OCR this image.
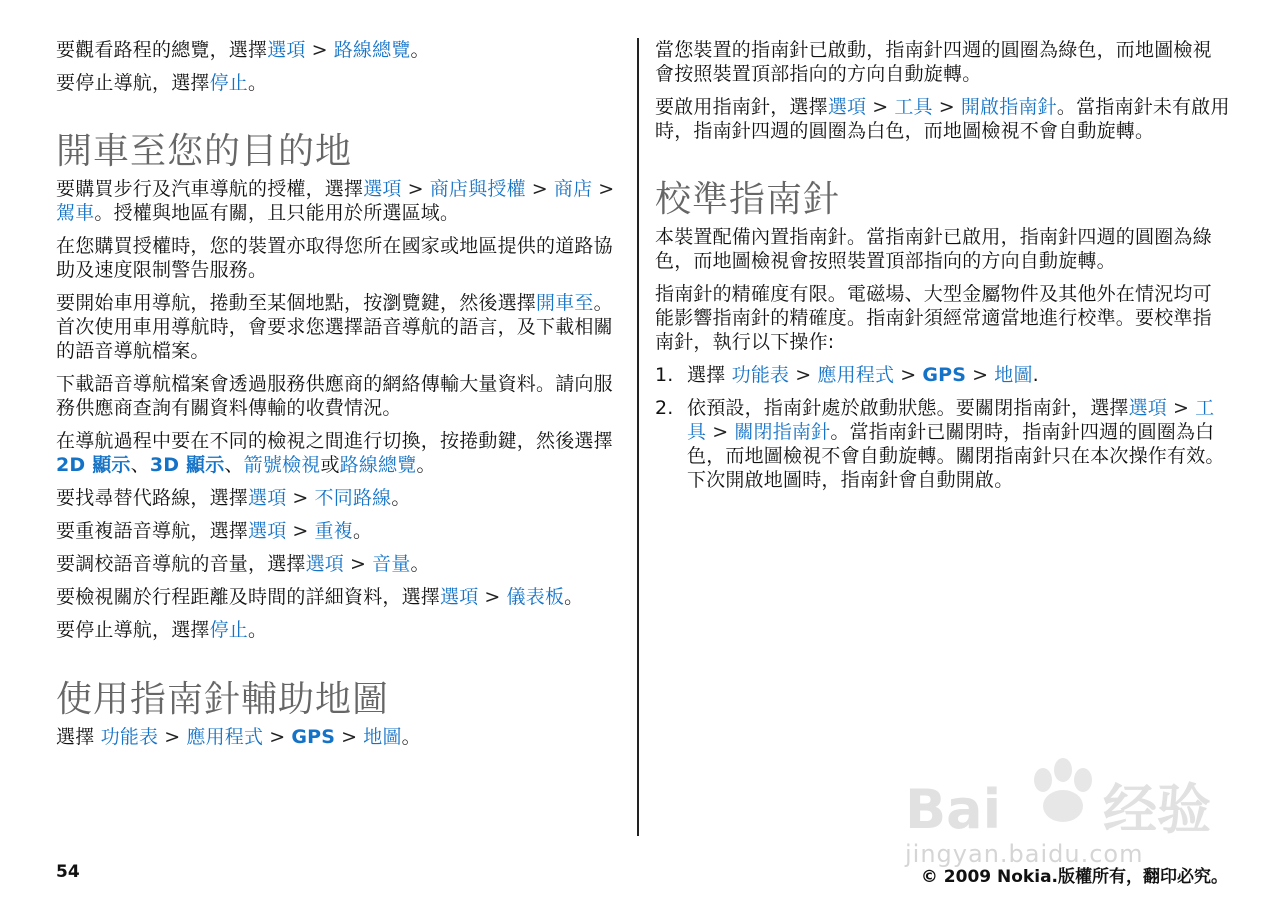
要觀看路程的總覽，選擇選項 > 路線總覽。

要停止導航，選擇停止。

開車至您的目的地

要購買步行及汽車導航的授權，選擇選項 > 商店與授權 > 商店 >駕車。授權與地區有關，且只能用於所選區域。

在您購買授權時，您的裝置亦取得您所在國家或地區提供的道路協助及速度限制警告服務。

要開始車用導航，捲動至某個地點，按瀏覽鍵，然後選擇開車至。 首次使用車用導航時，會要求您選擇語音導航的語言，及下載相關的語音導航檔案。

下載語音導航檔案會透過服務供應商的網絡傳輸大量資料。請向服務供應商查詢有關資料傳輸的收費情況。

在導航過程中要在不同的檢視之間進行切換，按捲動鍵，然後選擇2D 顯示、3D 顯示、箭號檢視或路線總覽。

要找尋替代路線，選擇選項 > 不同路線。

要重複語音導航，選擇選項 > 重複。

要調校語音導航的音量，選擇選項 > 音量。

要檢視關於行程距離及時間的詳細資料，選擇選項 > 儀表板。

要停止導航，選擇停止。

使用指南針輔助地圖

選擇 功能表 > 應用程式 > GPS > 地圖。

當您裝置的指南針已啟動，指南針四週的圓圈為綠色，而地圖檢視會按照裝置頂部指向的方向自動旋轉。

要啟用指南針，選擇選項 > 工具 > 開啟指南針。當指南針未有啟用時，指南針四週的圓圈為白色，而地圖檢視不會自動旋轉。

校準指南針

本裝置配備內置指南針。當指南針已啟用，指南針四週的圓圈為綠色，而地圖檢視會按照裝置頂部指向的方向自動旋轉。

指南針的精確度有限。電磁場、大型金屬物件及其他外在情況均可能影響指南針的精確度。指南針須經常適當地進行校準。要校準指南針，執行以下操作:

1. 選擇 功能表 > 應用程式 > GPS > 地圖.
2. 依預設，指南針處於啟動狀態。要關閉指南針，選擇選項 > 工具 > 關閉指南針。當指南針已關閉時，指南針四週的圓圈為白色，而地圖檢視不會自動旋轉。關閉指南針只在本次操作有效。下次開啟地圖時，指南針會自動開啟。
Bai 经验
jingyan.baidu.com
54	© 2009 Nokia.版權所有，翻印必究。
